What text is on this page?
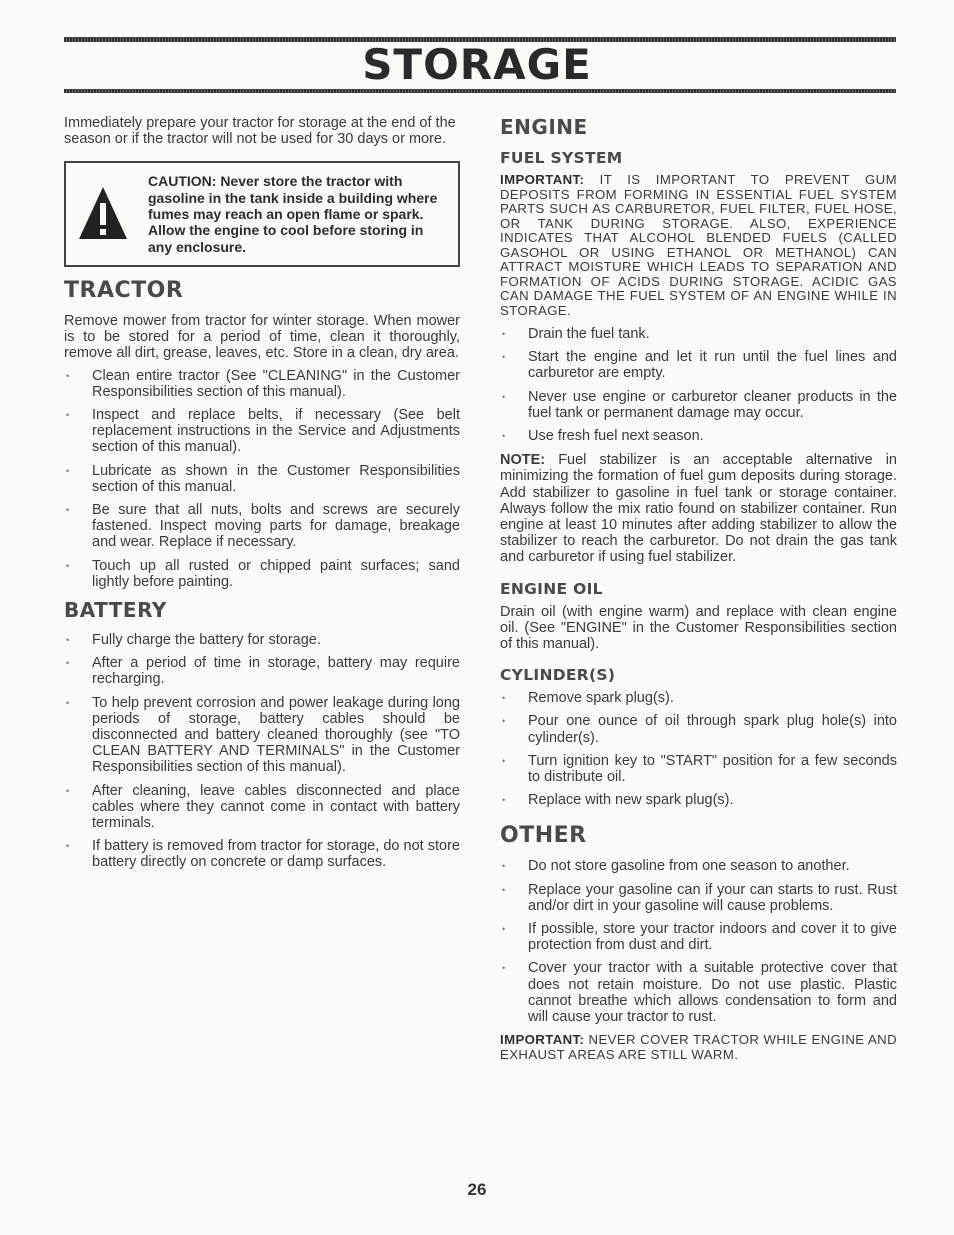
STORAGE

Immediately prepare your tractor for storage at the end of the season or if the tractor will not be used for 30 days or more.

CAUTION: Never store the tractor with gasoline in the tank inside a building where fumes may reach an open flame or spark. Allow the engine to cool before storing in any enclosure.
TRACTOR

Remove mower from tractor for winter storage. When mower is to be stored for a period of time, clean it thoroughly, remove all dirt, grease, leaves, etc. Store in a clean, dry area.

• Clean entire tractor (See "CLEANING" in the Customer Responsibilities section of this manual).
• Inspect and replace belts, if necessary (See belt replacement instructions in the Service and Adjustments section of this manual).
• Lubricate as shown in the Customer Responsibilities section of this manual.
• Be sure that all nuts, bolts and screws are securely fastened. Inspect moving parts for damage, breakage and wear. Replace if necessary.
• Touch up all rusted or chipped paint surfaces; sand lightly before painting.
BATTERY
• Fully charge the battery for storage.
• After a period of time in storage, battery may require recharging.
• To help prevent corrosion and power leakage during long periods of storage, battery cables should be disconnected and battery cleaned thoroughly (see "TO CLEAN BATTERY AND TERMINALS" in the Customer Responsibilities section of this manual).
• After cleaning, leave cables disconnected and place cables where they cannot come in contact with battery terminals.
• If battery is removed from tractor for storage, do not store battery directly on concrete or damp surfaces.
ENGINE
FUEL SYSTEM

IMPORTANT: IT IS IMPORTANT TO PREVENT GUM DEPOSITS FROM FORMING IN ESSENTIAL FUEL SYSTEM PARTS SUCH AS CARBURETOR, FUEL FILTER, FUEL HOSE, OR TANK DURING STORAGE. ALSO, EXPERIENCE INDICATES THAT ALCOHOL BLENDED FUELS (CALLED GASOHOL OR USING ETHANOL OR METHANOL) CAN ATTRACT MOISTURE WHICH LEADS TO SEPARATION AND FORMATION OF ACIDS DURING STORAGE. ACIDIC GAS CAN DAMAGE THE FUEL SYSTEM OF AN ENGINE WHILE IN STORAGE.

• Drain the fuel tank.
• Start the engine and let it run until the fuel lines and carburetor are empty.
• Never use engine or carburetor cleaner products in the fuel tank or permanent damage may occur.
• Use fresh fuel next season.

NOTE: Fuel stabilizer is an acceptable alternative in minimizing the formation of fuel gum deposits during storage. Add stabilizer to gasoline in fuel tank or storage container. Always follow the mix ratio found on stabilizer container. Run engine at least 10 minutes after adding stabilizer to allow the stabilizer to reach the carburetor. Do not drain the gas tank and carburetor if using fuel stabilizer.

ENGINE OIL

Drain oil (with engine warm) and replace with clean engine oil. (See "ENGINE" in the Customer Responsibilities section of this manual).

CYLINDER(S)
• Remove spark plug(s).
• Pour one ounce of oil through spark plug hole(s) into cylinder(s).
• Turn ignition key to "START" position for a few seconds to distribute oil.
• Replace with new spark plug(s).
OTHER
• Do not store gasoline from one season to another.
• Replace your gasoline can if your can starts to rust. Rust and/or dirt in your gasoline will cause problems.
• If possible, store your tractor indoors and cover it to give protection from dust and dirt.
• Cover your tractor with a suitable protective cover that does not retain moisture. Do not use plastic. Plastic cannot breathe which allows condensation to form and will cause your tractor to rust.

IMPORTANT: NEVER COVER TRACTOR WHILE ENGINE AND EXHAUST AREAS ARE STILL WARM.

26
